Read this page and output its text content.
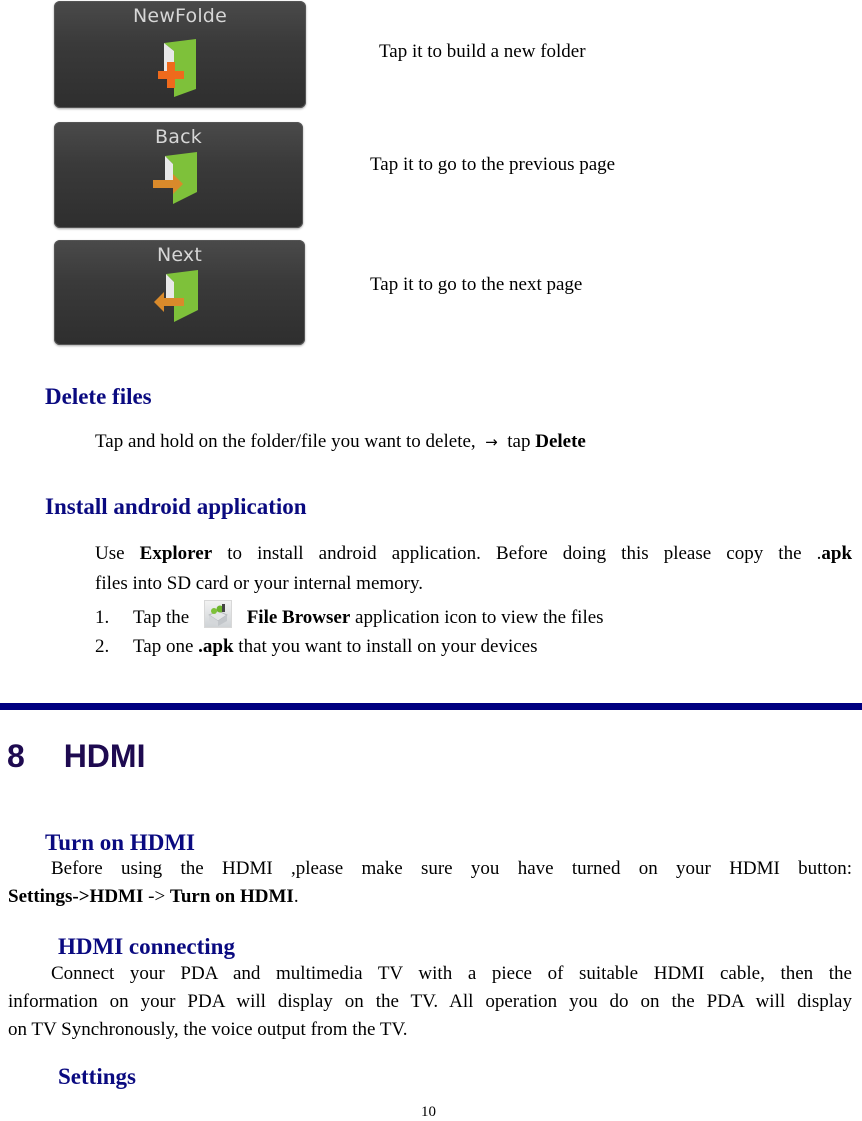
NewFolde
Tap it to build a new folder
Back
Tap it to go to the previous page
Next
Tap it to go to the next page
Delete files
Tap and hold on the folder/file you want to delete, → tap Delete
Install android application
Use Explorer to install android application. Before doing this please copy the .apk
files into SD card or your internal memory.
1. Tap the	File Browser application icon to view the files
2. Tap one .apk that you want to install on your devices
8 HDMI
Turn on HDMI
Before using the HDMI ,please make sure you have turned on your HDMI button:
Settings->HDMI -> Turn on HDMI.
HDMI connecting
Connect your PDA and multimedia TV with a piece of suitable HDMI cable, then the
information on your PDA will display on the TV. All operation you do on the PDA will display
on TV Synchronously, the voice output from the TV.
Settings
10
